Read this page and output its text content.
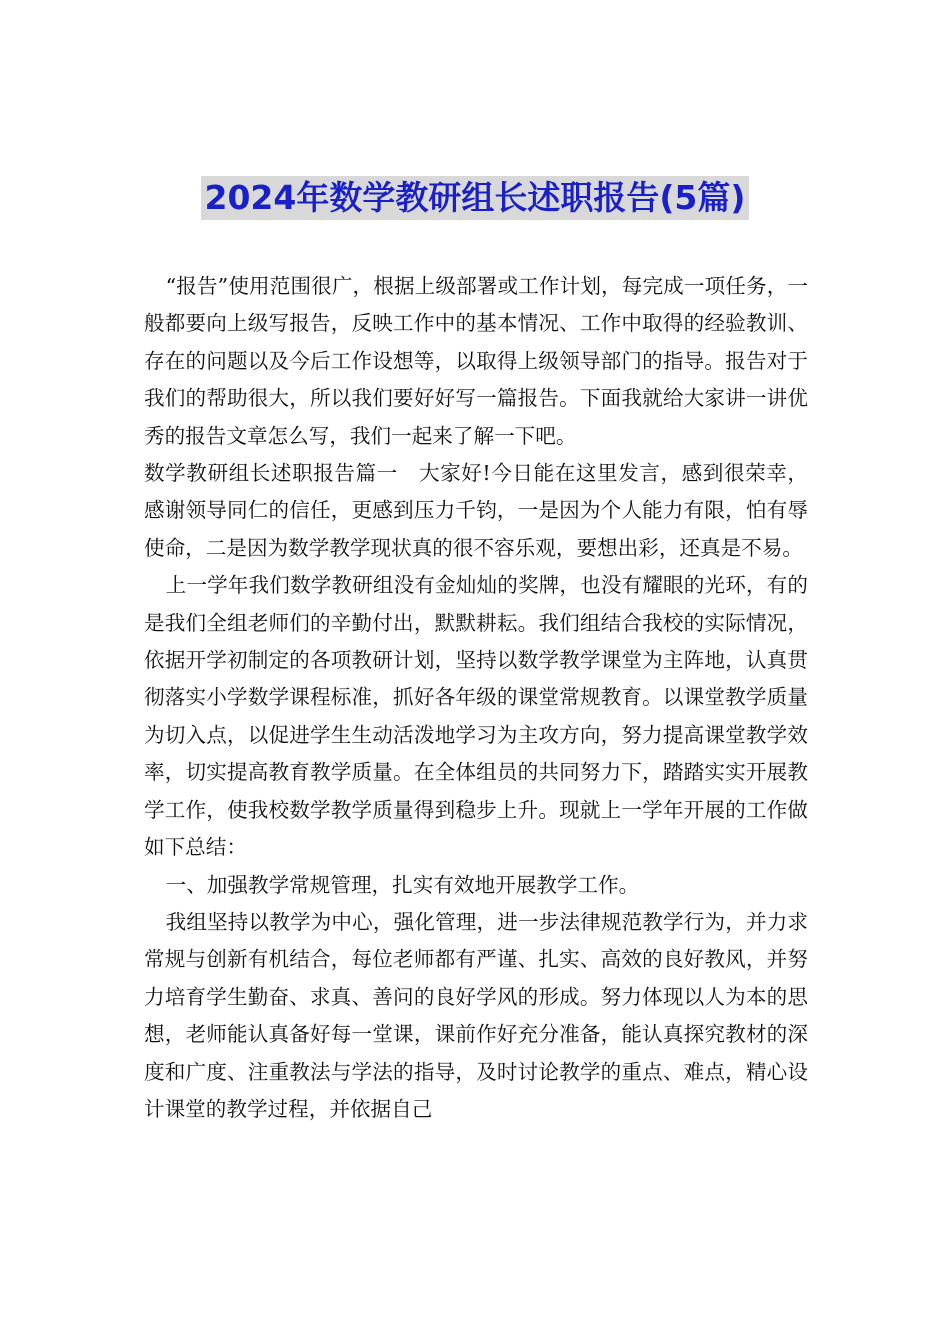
2024年数学教研组长述职报告(5篇)

“报告”使用范围很广，根据上级部署或工作计划，每完成一项任务，一般都要向上级写报告，反映工作中的基本情况、工作中取得的经验教训、存在的问题以及今后工作设想等，以取得上级领导部门的指导。报告对于我们的帮助很大，所以我们要好好写一篇报告。下面我就给大家讲一讲优秀的报告文章怎么写，我们一起来了解一下吧。

数学教研组长述职报告篇一　大家好!今日能在这里发言，感到很荣幸，感谢领导同仁的信任，更感到压力千钧，一是因为个人能力有限，怕有辱使命，二是因为数学教学现状真的很不容乐观，要想出彩，还真是不易。

上一学年我们数学教研组没有金灿灿的奖牌，也没有耀眼的光环，有的是我们全组老师们的辛勤付出，默默耕耘。我们组结合我校的实际情况，依据开学初制定的各项教研计划，坚持以数学教学课堂为主阵地，认真贯彻落实小学数学课程标准，抓好各年级的课堂常规教育。以课堂教学质量为切入点，以促进学生生动活泼地学习为主攻方向，努力提高课堂教学效率，切实提高教育教学质量。在全体组员的共同努力下，踏踏实实开展教学工作，使我校数学教学质量得到稳步上升。现就上一学年开展的工作做如下总结：

一、加强教学常规管理，扎实有效地开展教学工作。

我组坚持以教学为中心，强化管理，进一步法律规范教学行为，并力求常规与创新有机结合，每位老师都有严谨、扎实、高效的良好教风，并努力培育学生勤奋、求真、善问的良好学风的形成。努力体现以人为本的思想，老师能认真备好每一堂课，课前作好充分准备，能认真探究教材的深度和广度、注重教法与学法的指导，及时讨论教学的重点、难点，精心设计课堂的教学过程，并依据自己
